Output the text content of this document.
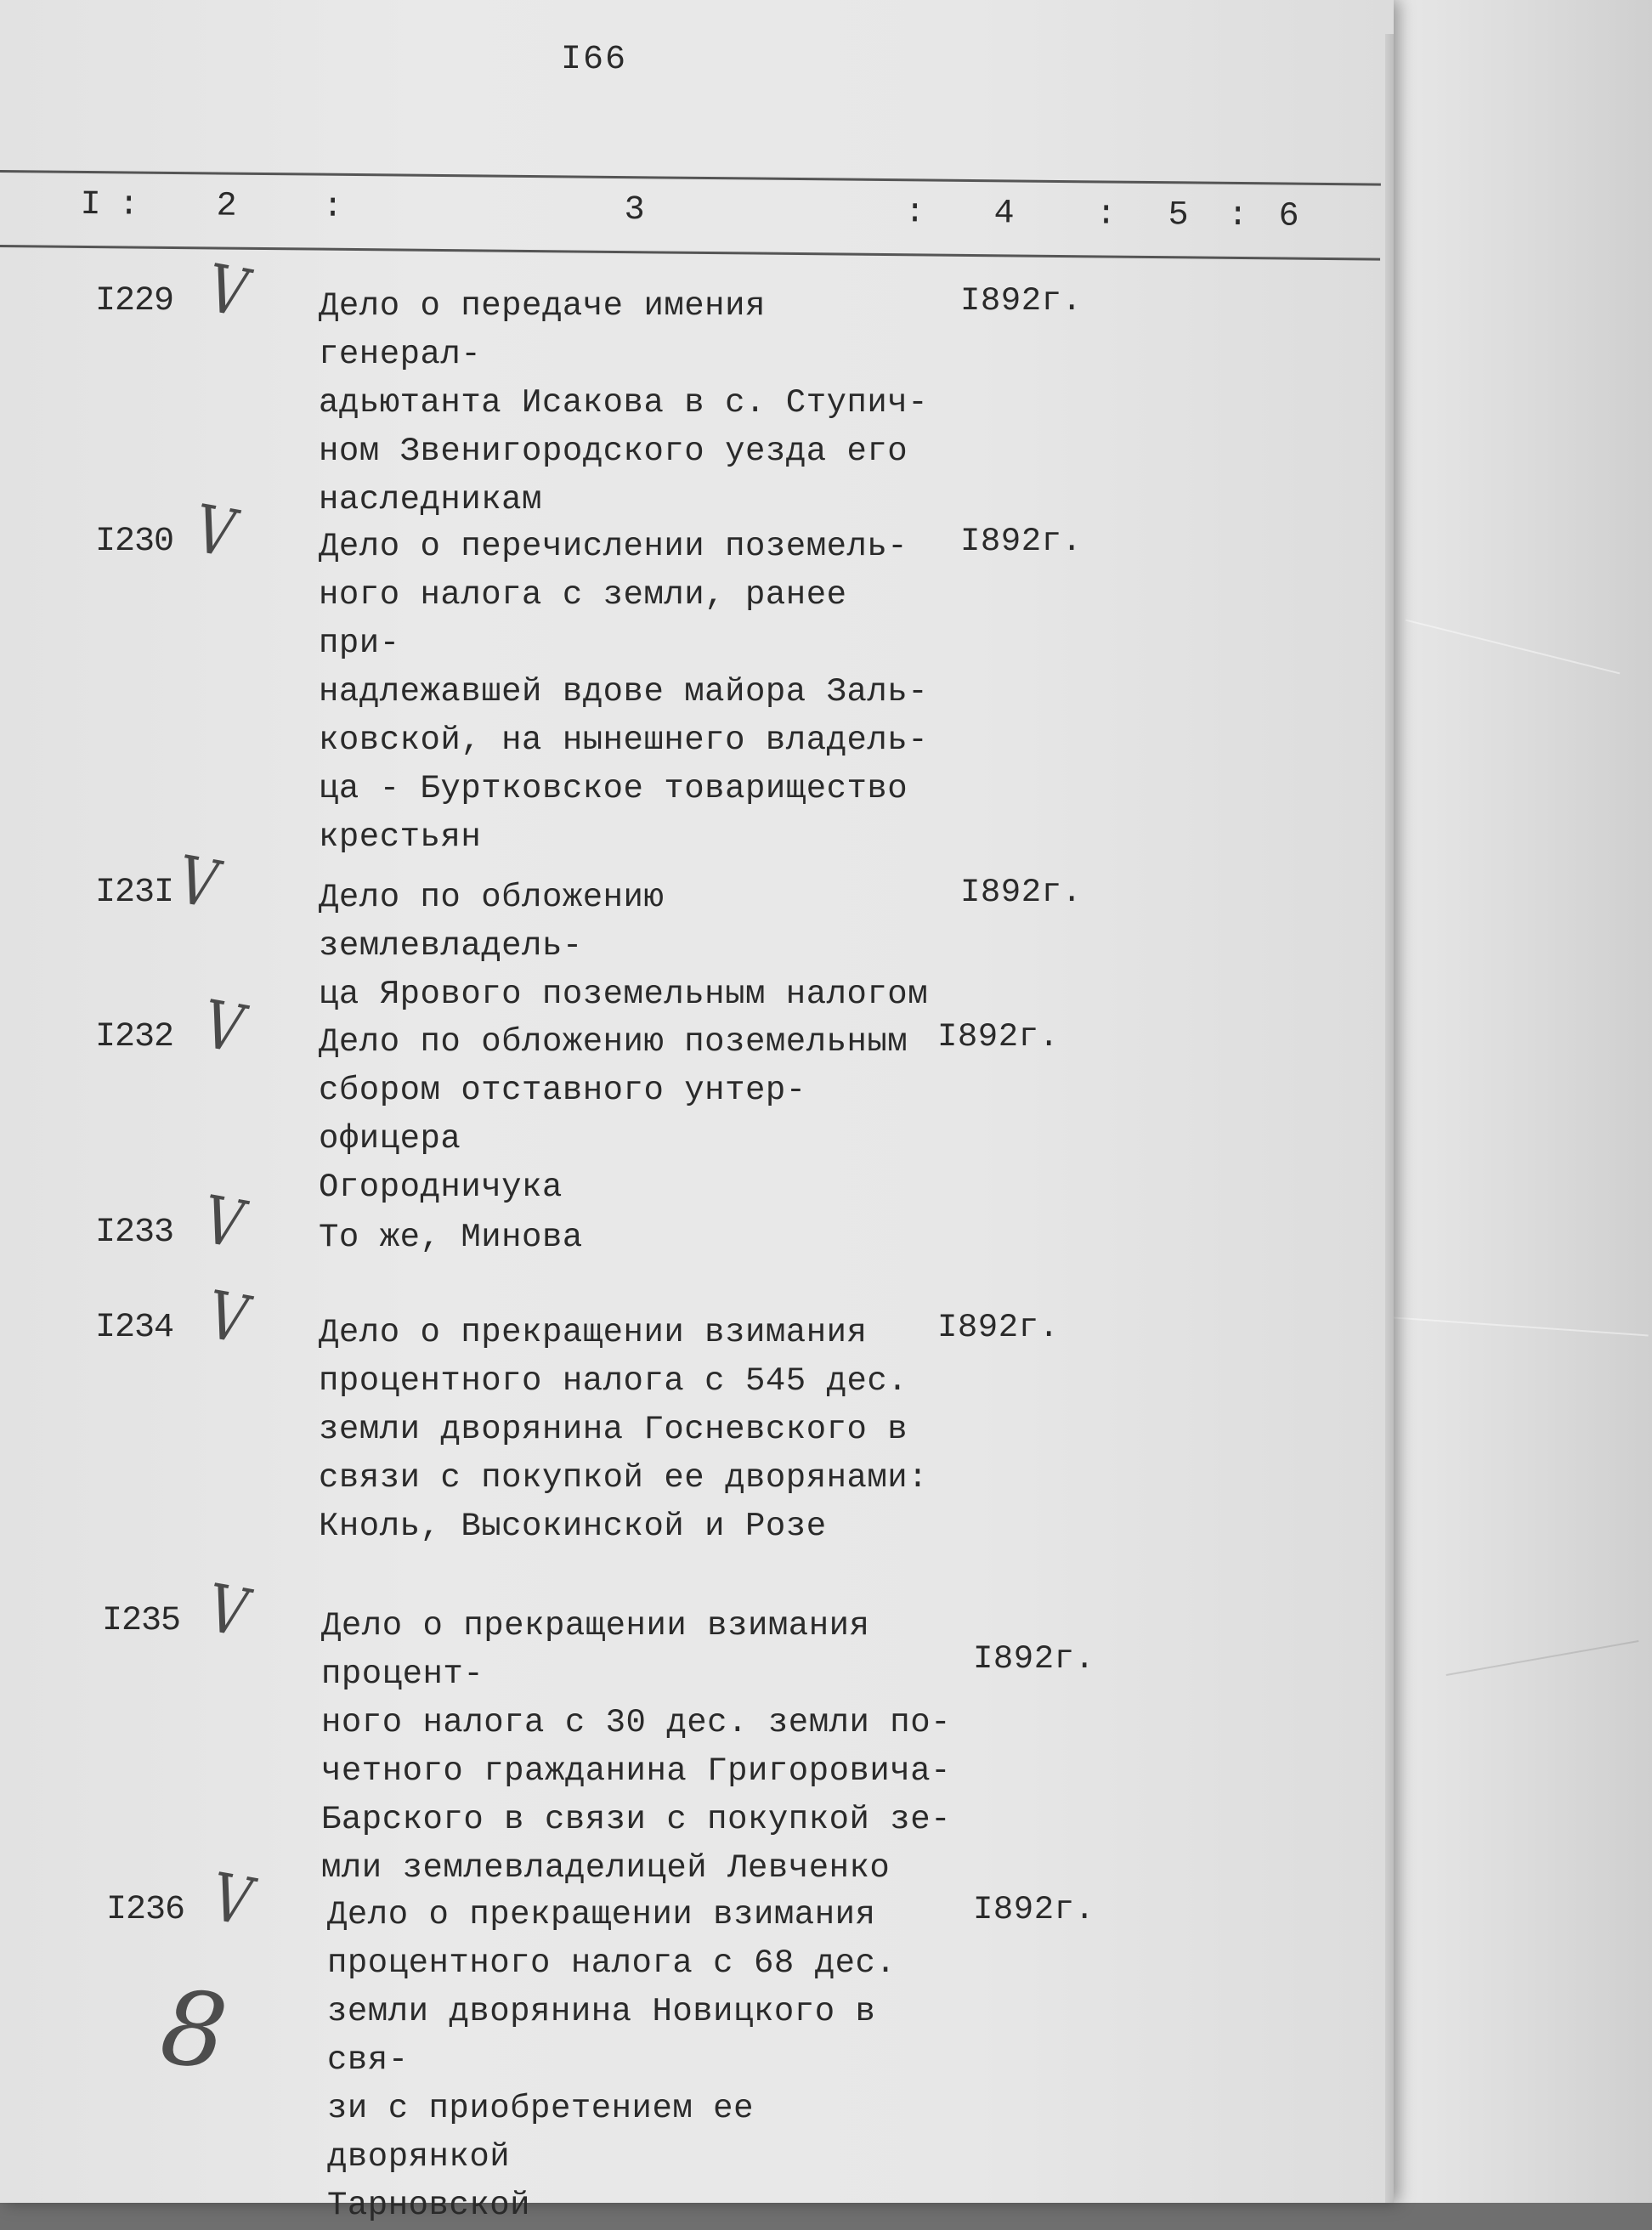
I66
I : 2	:	3	: 4 : 5 : 6
I229 V Дело о передаче имения генерал-
адьютанта Исакова в с. Ступич-
ном Звенигородского уезда его
наследникам
I892г.
I230 V Дело о перечислении поземель-
ного налога с земли, ранее при-
надлежавшей вдове майора Заль-
ковской, на нынешнего владель-
ца - Буртковское товарищество
крестьян
I892г.
I23I V	Дело по обложению землевладель-
ца Ярового поземельным налогом
I892г.
I232 V Дело по обложению поземельным
сбором отставного унтер-офицера
Огородничука
I892г.
I233 V То же, Минова
I234 V Дело о прекращении взимания
процентного налога с 545 дес.
земли дворянина Госневского в
связи с покупкой ее дворянами:
Кноль, Высокинской и Розе
I892г.
I235 V Дело о прекращении взимания процент-
ного налога с 30 дес. земли по-
четного гражданина Григоровича-
Барского в связи с покупкой зе-
мли землевладелицей Левченко
I892г.
I236 V Дело о прекращении взимания
процентного налога с 68 дес.
земли дворянина Новицкого в свя-
зи с приобретением ее дворянкой
Тарновской
I892г.
8
